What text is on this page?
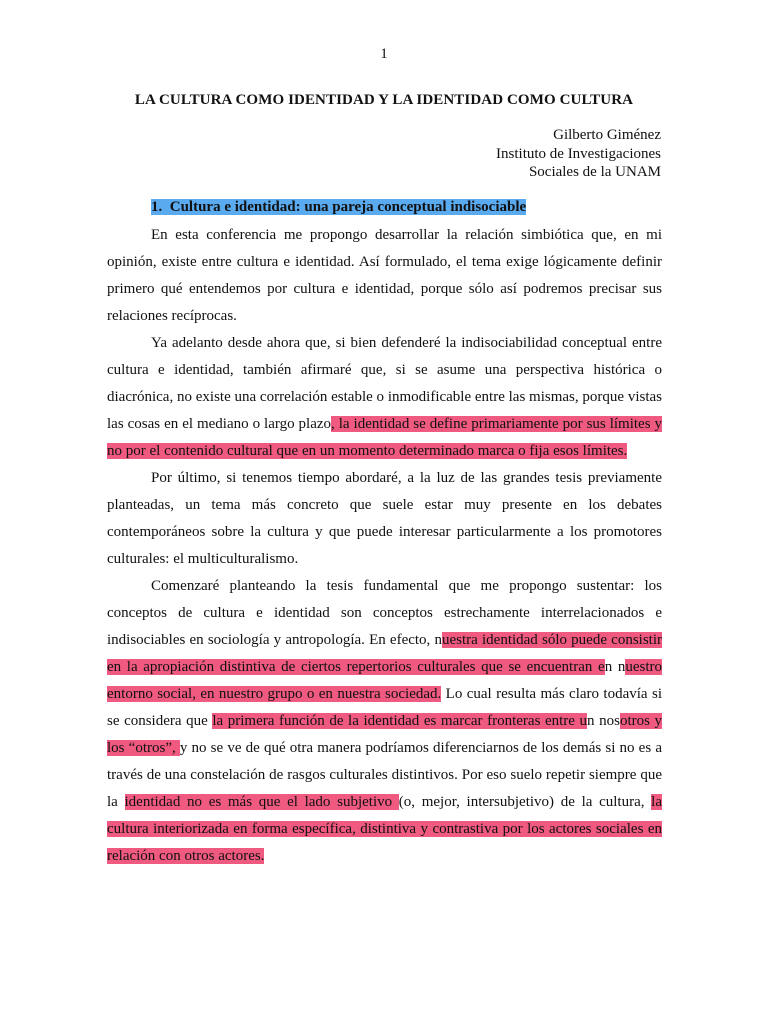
1
LA CULTURA COMO IDENTIDAD Y LA IDENTIDAD COMO CULTURA
Gilberto Giménez
Instituto de Investigaciones
Sociales de la UNAM
1. Cultura e identidad: una pareja conceptual indisociable

En esta conferencia me propongo desarrollar la relación simbiótica que, en mi opinión, existe entre cultura e identidad. Así formulado, el tema exige lógicamente definir primero qué entendemos por cultura e identidad, porque sólo así podremos precisar sus relaciones recíprocas.

Ya adelanto desde ahora que, si bien defenderé la indisociabilidad conceptual entre cultura e identidad, también afirmaré que, si se asume una perspectiva histórica o diacrónica, no existe una correlación estable o inmodificable entre las mismas, porque vistas las cosas en el mediano o largo plazo, la identidad se define primariamente por sus límites y no por el contenido cultural que en un momento determinado marca o fija esos límites.

Por último, si tenemos tiempo abordaré, a la luz de las grandes tesis previamente planteadas, un tema más concreto que suele estar muy presente en los debates contemporáneos sobre la cultura y que puede interesar particularmente a los promotores culturales: el multiculturalismo.

Comenzaré planteando la tesis fundamental que me propongo sustentar: los conceptos de cultura e identidad son conceptos estrechamente interrelacionados e indisociables en sociología y antropología. En efecto, nuestra identidad sólo puede consistir en la apropiación distintiva de ciertos repertorios culturales que se encuentran en nuestro entorno social, en nuestro grupo o en nuestra sociedad. Lo cual resulta más claro todavía si se considera que la primera función de la identidad es marcar fronteras entre un nosotros y los “otros”, y no se ve de qué otra manera podríamos diferenciarnos de los demás si no es a través de una constelación de rasgos culturales distintivos. Por eso suelo repetir siempre que la identidad no es más que el lado subjetivo (o, mejor, intersubjetivo) de la cultura, la cultura interiorizada en forma específica, distintiva y contrastiva por los actores sociales en relación con otros actores.
